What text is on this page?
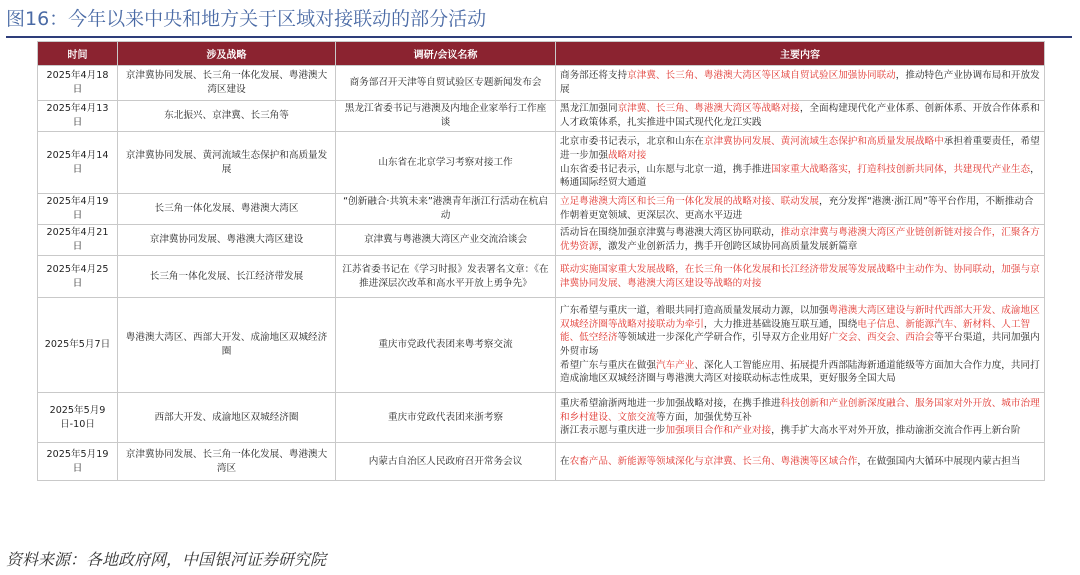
图16：今年以来中央和地方关于区域对接联动的部分活动
时间	涉及战略	调研/会议名称	主要内容
2025年4月18日	京津冀协同发展、长三角一体化发展、粤港澳大湾区建设	商务部召开天津等自贸试验区专题新闻发布会	商务部还将支持京津冀、长三角、粤港澳大湾区等区域自贸试验区加强协同联动，推动特色产业协调布局和开放发展
2025年4月13日	东北振兴、京津冀、长三角等	黑龙江省委书记与港澳及内地企业家举行工作座谈	黑龙江加强同京津冀、长三角、粤港澳大湾区等战略对接，全面构建现代化产业体系、创新体系、开放合作体系和人才政策体系，扎实推进中国式现代化龙江实践
2025年4月14日	京津冀协同发展、黄河流域生态保护和高质量发展	山东省在北京学习考察对接工作	北京市委书记表示，北京和山东在京津冀协同发展、黄河流域生态保护和高质量发展战略中承担着重要责任，希望进一步加强战略对接
山东省委书记表示，山东愿与北京一道，携手推进国家重大战略落实，打造科技创新共同体，共建现代产业生态，畅通国际经贸大通道
2025年4月19日	长三角一体化发展、粤港澳大湾区	“创新融合·共筑未来”港澳青年浙江行活动在杭启动	立足粤港澳大湾区和长三角一体化发展的战略对接、联动发展，充分发挥“港澳·浙江周”等平台作用，不断推动合作朝着更宽领域、更深层次、更高水平迈进
2025年4月21日	京津冀协同发展、粤港澳大湾区建设	京津冀与粤港澳大湾区产业交流洽谈会	活动旨在围绕加强京津冀与粤港澳大湾区协同联动，推动京津冀与粤港澳大湾区产业链创新链对接合作，汇聚各方优势资源，激发产业创新活力，携手开创跨区域协同高质量发展新篇章
2025年4月25日	长三角一体化发展、长江经济带发展	江苏省委书记在《学习时报》发表署名文章：《在推进深层次改革和高水平开放上勇争先》	联动实施国家重大发展战略，在长三角一体化发展和长江经济带发展等发展战略中主动作为、协同联动，加强与京津冀协同发展、粤港澳大湾区建设等战略的对接
2025年5月7日	粤港澳大湾区、西部大开发、成渝地区双城经济圈	重庆市党政代表团来粤考察交流	广东希望与重庆一道，着眼共同打造高质量发展动力源，以加强粤港澳大湾区建设与新时代西部大开发、成渝地区双城经济圈等战略对接联动为牵引，大力推进基础设施互联互通，围绕电子信息、新能源汽车、新材料、人工智能、低空经济等领域进一步深化产学研合作，引导双方企业用好广交会、西交会、西洽会等平台渠道，共同加强内外贸市场
希望广东与重庆在做强汽车产业、深化人工智能应用、拓展提升西部陆海新通道能级等方面加大合作力度，共同打造成渝地区双城经济圈与粤港澳大湾区对接联动标志性成果，更好服务全国大局
2025年5月9日-10日	西部大开发、成渝地区双城经济圈	重庆市党政代表团来浙考察	重庆希望渝浙两地进一步加强战略对接，在携手推进科技创新和产业创新深度融合、服务国家对外开放、城市治理和乡村建设、文旅交流等方面，加强优势互补
浙江表示愿与重庆进一步加强项目合作和产业对接，携手扩大高水平对外开放，推动渝浙交流合作再上新台阶
2025年5月19日	京津冀协同发展、长三角一体化发展、粤港澳大湾区	内蒙古自治区人民政府召开常务会议	在农畜产品、新能源等领域深化与京津冀、长三角、粤港澳等区域合作，在做强国内大循环中展现内蒙古担当
资料来源：各地政府网，中国银河证券研究院
